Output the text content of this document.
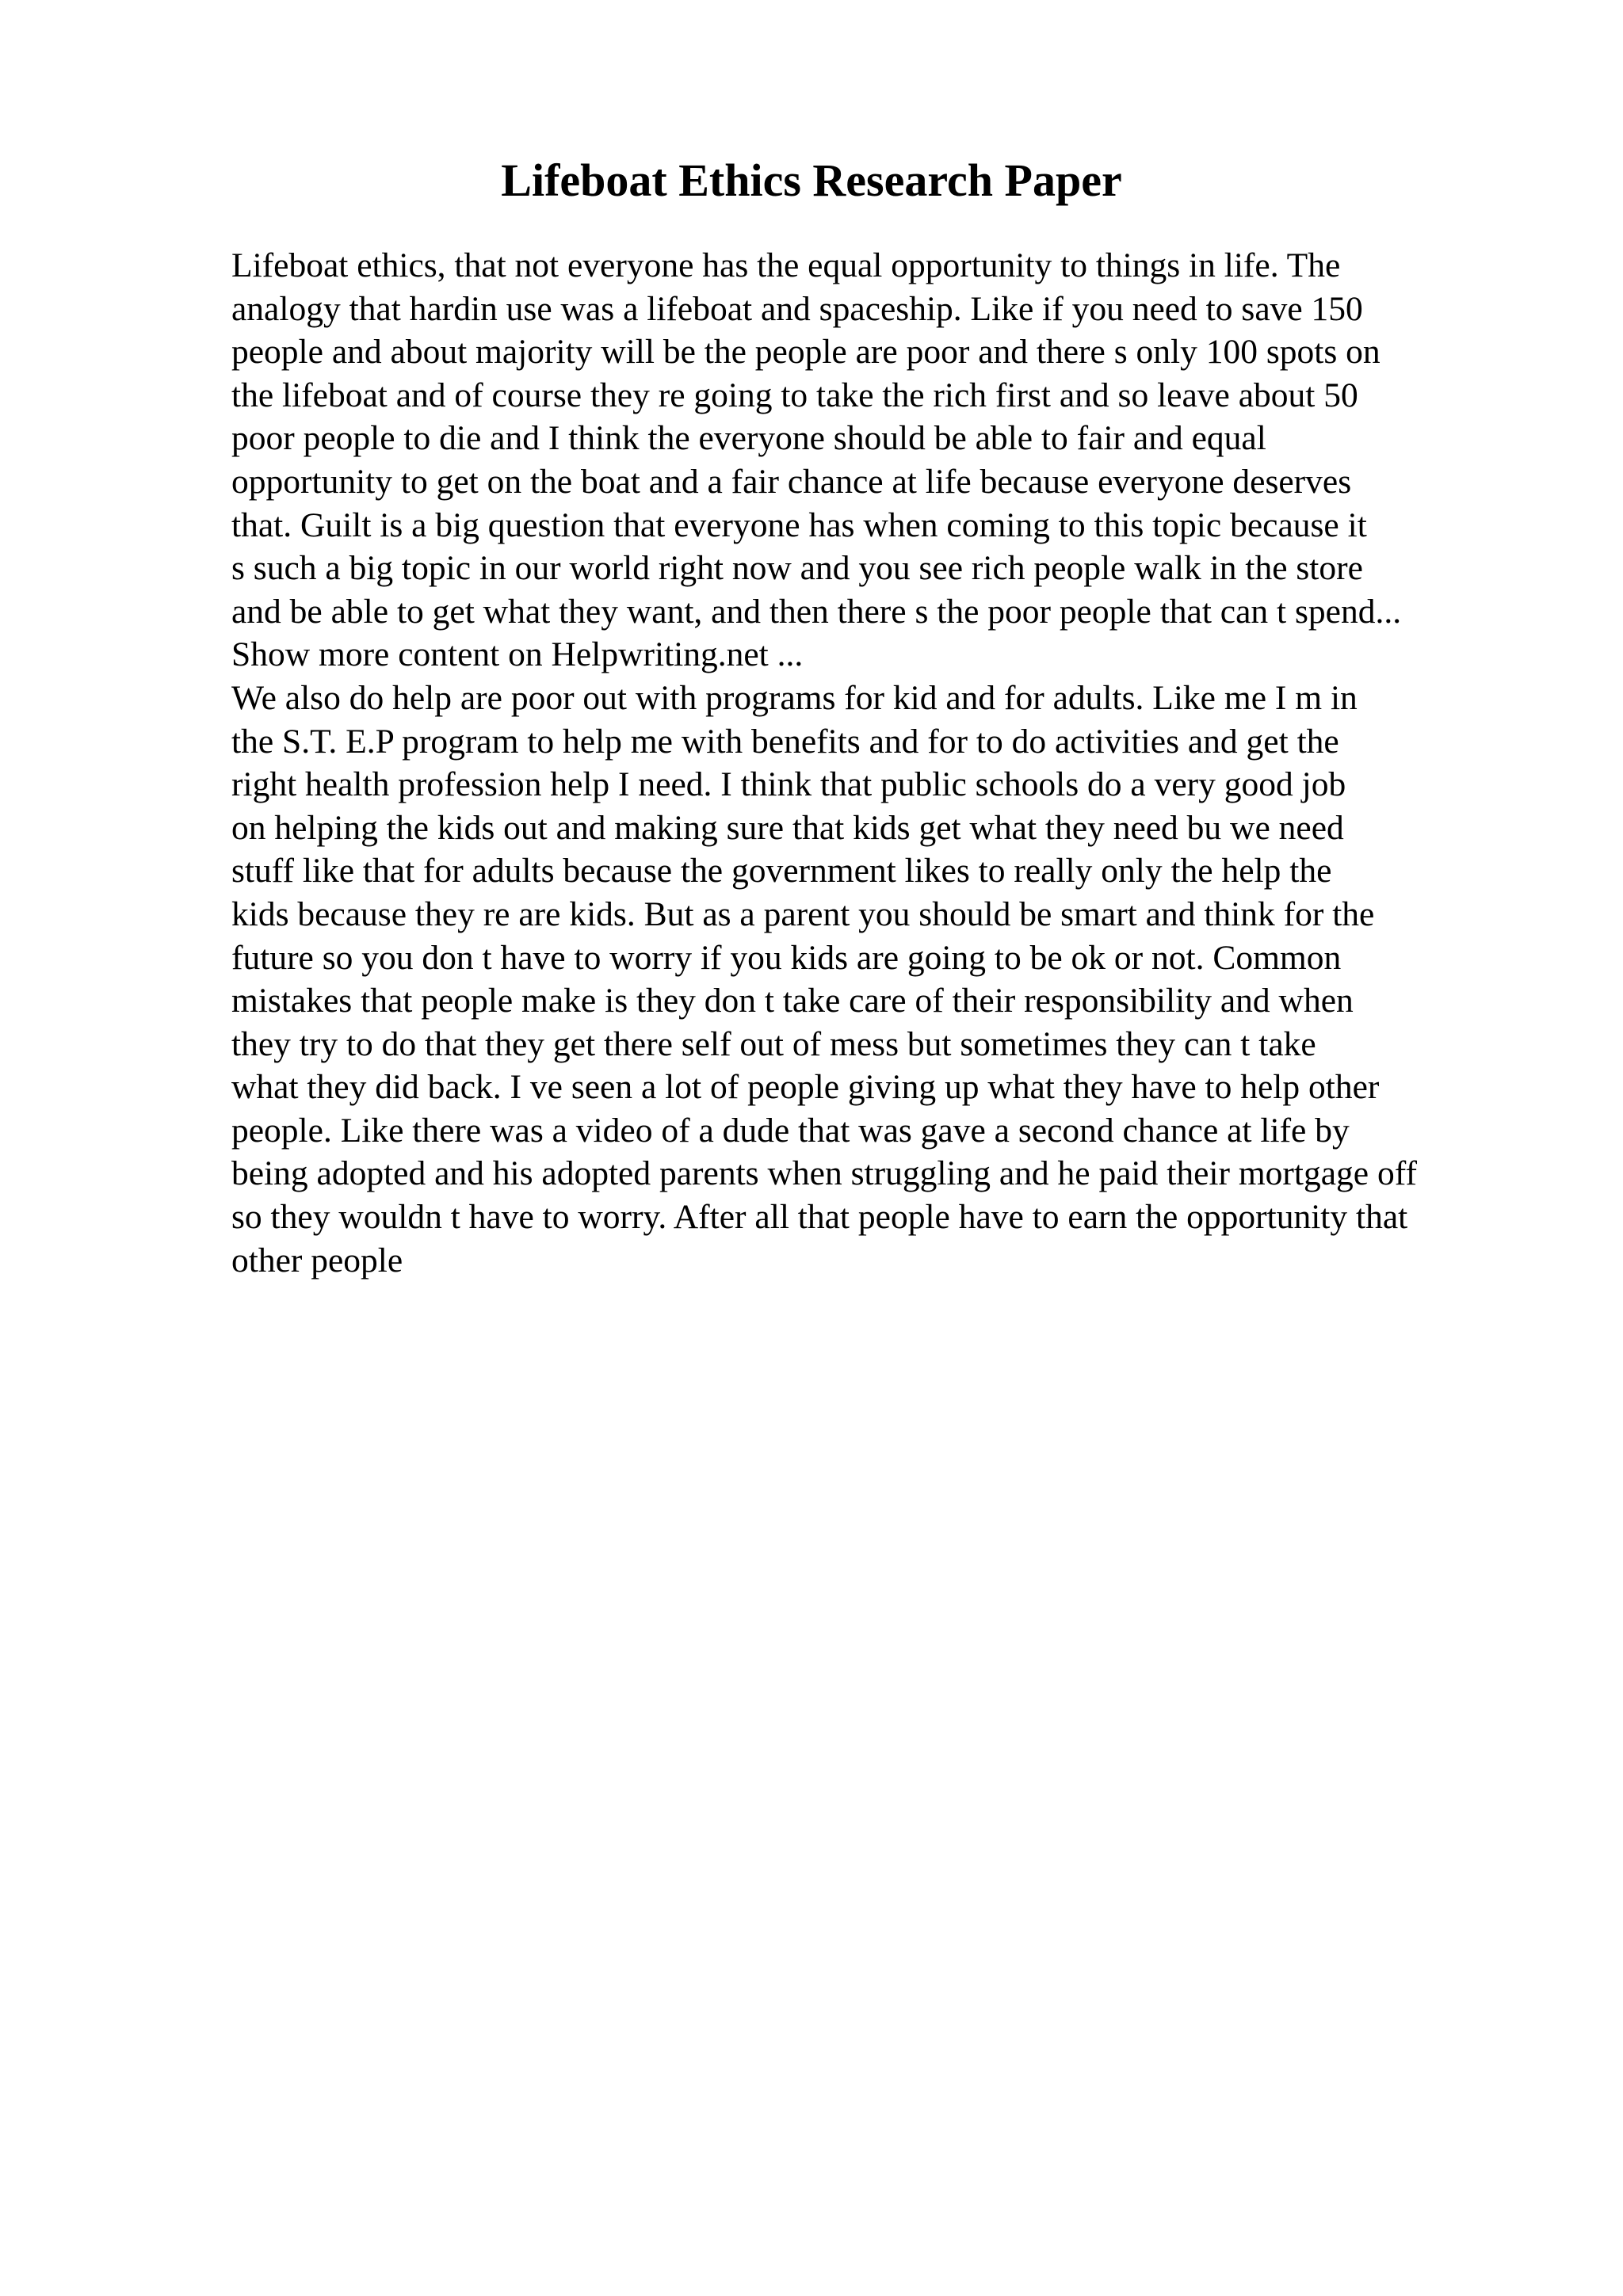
Lifeboat Ethics Research Paper
Lifeboat ethics, that not everyone has the equal opportunity to things in life. The
analogy that hardin use was a lifeboat and spaceship. Like if you need to save 150
people and about majority will be the people are poor and there s only 100 spots on
the lifeboat and of course they re going to take the rich first and so leave about 50
poor people to die and I think the everyone should be able to fair and equal
opportunity to get on the boat and a fair chance at life because everyone deserves
that. Guilt is a big question that everyone has when coming to this topic because it
s such a big topic in our world right now and you see rich people walk in the store
and be able to get what they want, and then there s the poor people that can t spend...
Show more content on Helpwriting.net ...
We also do help are poor out with programs for kid and for adults. Like me I m in
the S.T. E.P program to help me with benefits and for to do activities and get the
right health profession help I need. I think that public schools do a very good job
on helping the kids out and making sure that kids get what they need bu we need
stuff like that for adults because the government likes to really only the help the
kids because they re are kids. But as a parent you should be smart and think for the
future so you don t have to worry if you kids are going to be ok or not. Common
mistakes that people make is they don t take care of their responsibility and when
they try to do that they get there self out of mess but sometimes they can t take
what they did back. I ve seen a lot of people giving up what they have to help other
people. Like there was a video of a dude that was gave a second chance at life by
being adopted and his adopted parents when struggling and he paid their mortgage off
so they wouldn t have to worry. After all that people have to earn the opportunity that
other people
